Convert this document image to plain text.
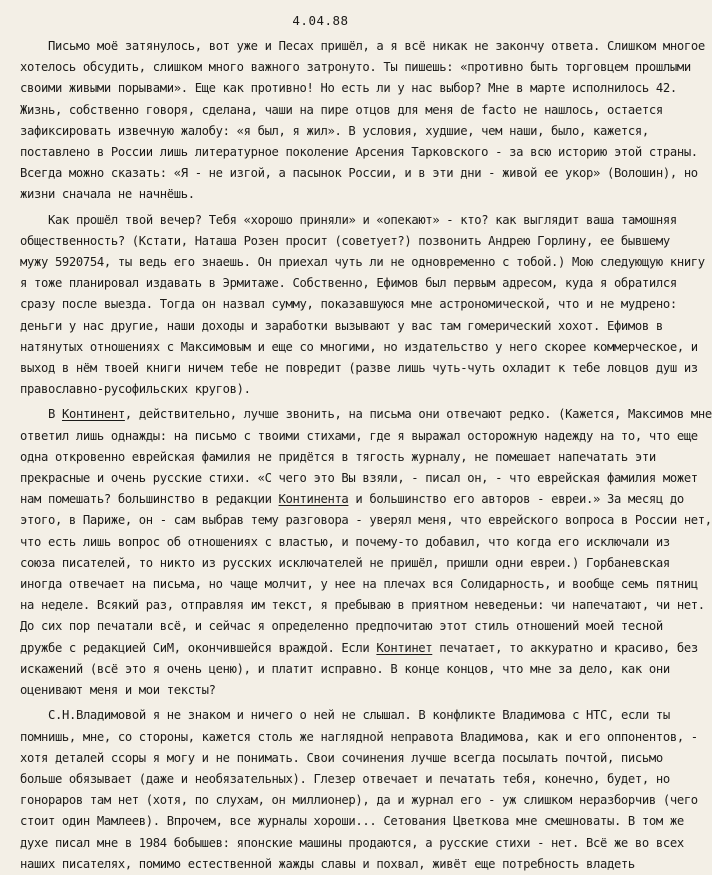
4.04.88
Письмо моё затянулось, вот уже и Песах пришёл, а я всё никак не закончу ответа. Слишком многое
хотелось обсудить, слишком много важного затронуто. Ты пишешь: «противно быть торговцем прошлыми
своими живыми порывами». Еще как противно! Но есть ли у нас выбор? Мне в марте исполнилось 42.
Жизнь, собственно говоря, сделана, чаши на пире отцов для меня de facto не нашлось, остается
зафиксировать извечную жалобу: «я был, я жил». В условия, худшие, чем наши, было, кажется,
поставлено в России лишь литературное поколение Арсения Тарковского - за всю историю этой страны.
Всегда можно сказать: «Я - не изгой, а пасынок России, и в эти дни - живой ее укор» (Волошин), но
жизни сначала не начнёшь.
Как прошёл твой вечер? Тебя «хорошо приняли» и «опекают» - кто? как выглядит ваша тамошняя
общественность? (Кстати, Наташа Розен просит (советует?) позвонить Андрею Горлину, ее бывшему
мужу 5920754, ты ведь его знаешь. Он приехал чуть ли не одновременно с тобой.) Мою следующую книгу
я тоже планировал издавать в Эрмитаже. Собственно, Ефимов был первым адресом, куда я обратился
сразу после выезда. Тогда он назвал сумму, показавшуюся мне астрономической, что и не мудрено:
деньги у нас другие, наши доходы и заработки вызывают у вас там гомерический хохот. Ефимов в
натянутых отношениях с Максимовым и еще со многими, но издательство у него скорее коммерческое, и
выход в нём твоей книги ничем тебе не повредит (разве лишь чуть-чуть охладит к тебе ловцов душ из
православно-русофильских кругов).
В Континент, действительно, лучше звонить, на письма они отвечают редко. (Кажется, Максимов мне
ответил лишь однажды: на письмо с твоими стихами, где я выражал осторожную надежду на то, что еще
одна откровенно еврейская фамилия не придётся в тягость журналу, не помешает напечатать эти
прекрасные и очень русские стихи. «С чего это Вы взяли, - писал он, - что еврейская фамилия может
нам помешать? большинство в редакции Континента и большинство его авторов - евреи.» За месяц до
этого, в Париже, он - сам выбрав тему разговора - уверял меня, что еврейского вопроса в России нет,
что есть лишь вопрос об отношениях с властью, и почему-то добавил, что когда его исключали из
союза писателей, то никто из русских исключателей не пришёл, пришли одни евреи.) Горбаневская
иногда отвечает на письма, но чаще молчит, у нее на плечах вся Солидарность, и вообще семь пятниц
на неделе. Всякий раз, отправляя им текст, я пребываю в приятном неведеньи: чи напечатают, чи нет.
До сих пор печатали всё, и сейчас я определенно предпочитаю этот стиль отношений моей тесной
дружбе с редакцией СиМ, окончившейся враждой. Если Континет печатает, то аккуратно и красиво, без
искажений (всё это я очень ценю), и платит исправно. В конце концов, что мне за дело, как они
оценивают меня и мои тексты?
С.Н.Владимовой я не знаком и ничего о ней не слышал. В конфликте Владимова с НТС, если ты
помнишь, мне, со стороны, кажется столь же наглядной неправота Владимова, как и его оппонентов, -
хотя деталей ссоры я могу и не понимать. Свои сочинения лучше всегда посылать почтой, письмо
больше обязывает (даже и необязательных). Глезер отвечает и печатать тебя, конечно, будет, но
гонораров там нет (хотя, по слухам, он миллионер), да и журнал его - уж слишком неразборчив (чего
стоит один Мамлеев). Впрочем, все журналы хороши... Сетования Цветкова мне смешноваты. В том же
духе писал мне в 1984 бобышев: японские машины продаются, а русские стихи - нет. Всё же во всех
наших писателях, помимо естественной жажды славы и похвал, живёт еще потребность владеть
